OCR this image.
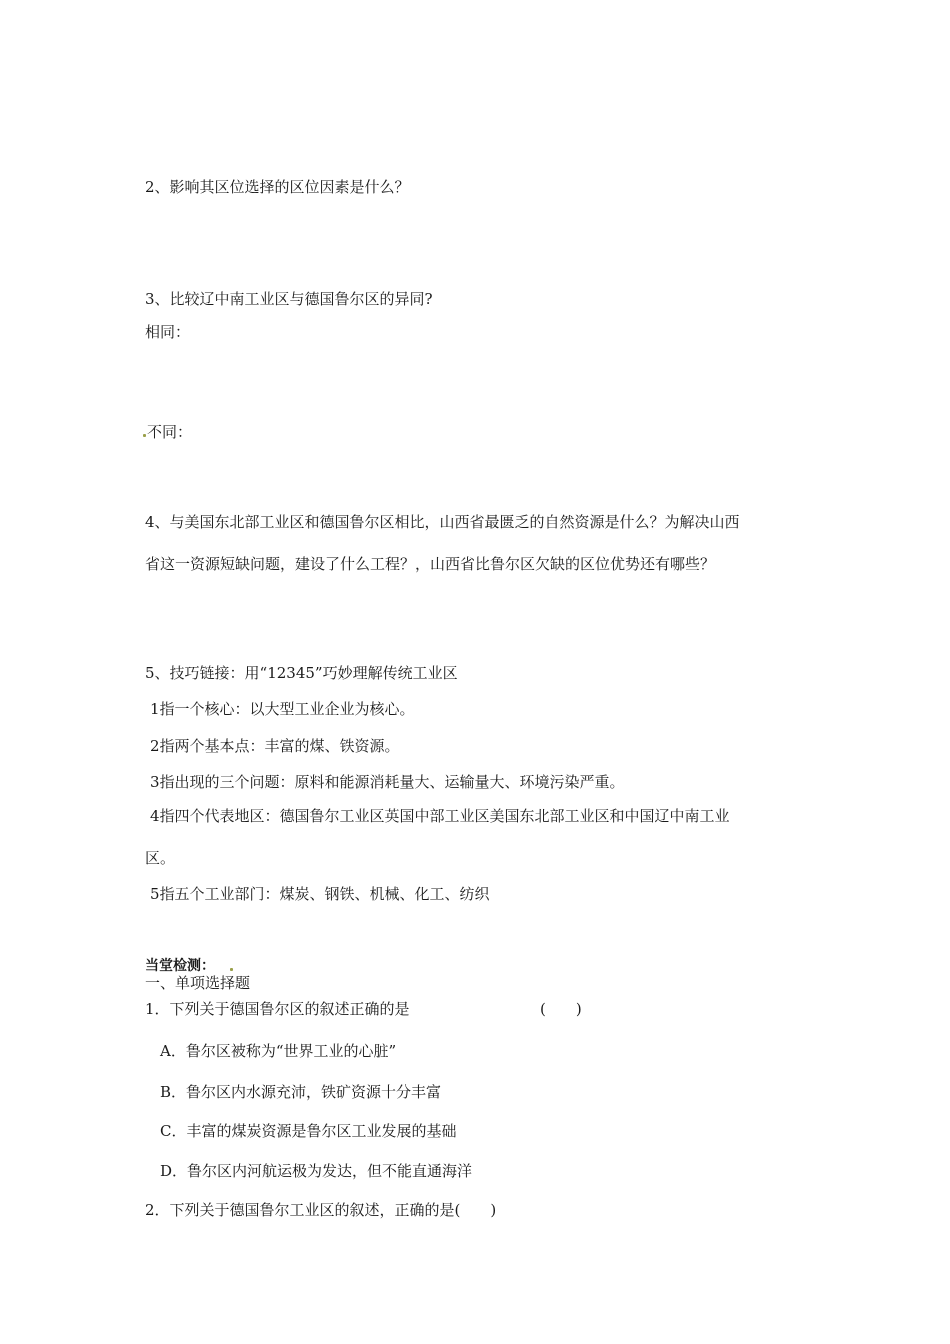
2、影响其区位选择的区位因素是什么？
3、比较辽中南工业区与德国鲁尔区的异同?
相同：
不同：
4、与美国东北部工业区和德国鲁尔区相比，山西省最匮乏的自然资源是什么？为解决山西
省这一资源短缺问题，建设了什么工程？，山西省比鲁尔区欠缺的区位优势还有哪些？
5、技巧链接：用“12345”巧妙理解传统工业区
1指一个核心：以大型工业企业为核心。
2指两个基本点：丰富的煤、铁资源。
3指出现的三个问题：原料和能源消耗量大、运输量大、环境污染严重。
4指四个代表地区：德国鲁尔工业区英国中部工业区美国东北部工业区和中国辽中南工业
区。
5指五个工业部门：煤炭、钢铁、机械、化工、纺织
当堂检测：
一、单项选择题
1．下列关于德国鲁尔区的叙述正确的是	(　　)
A．鲁尔区被称为“世界工业的心脏”
B．鲁尔区内水源充沛，铁矿资源十分丰富
C．丰富的煤炭资源是鲁尔区工业发展的基础
D．鲁尔区内河航运极为发达，但不能直通海洋
2．下列关于德国鲁尔工业区的叙述，正确的是(　　)
